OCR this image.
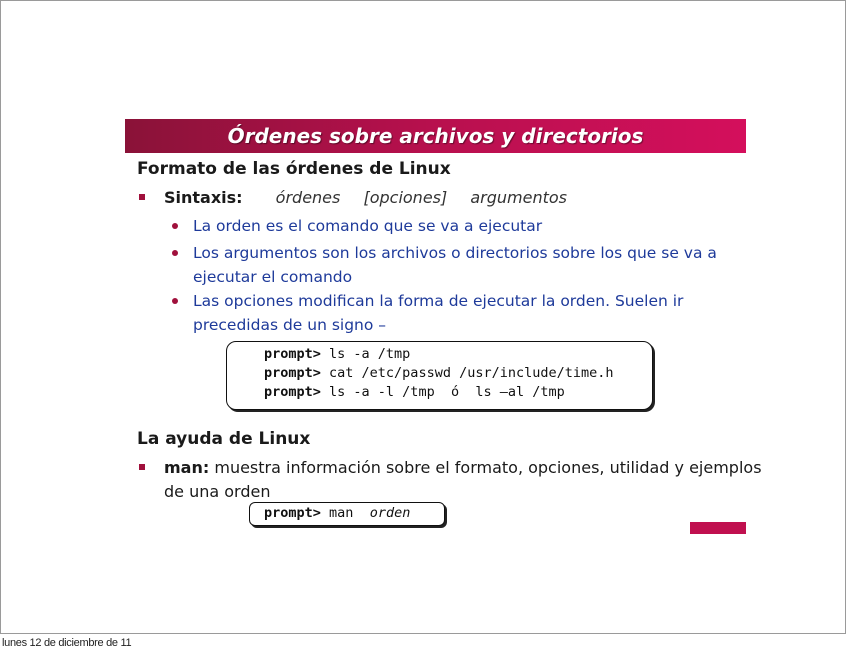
Órdenes sobre archivos y directorios
Formato de las órdenes de Linux
Sintaxis: órdenes [opciones] argumentos
La orden es el comando que se va a ejecutar
Los argumentos son los archivos o directorios sobre los que se va a
ejecutar el comando
Las opciones modifican la forma de ejecutar la orden. Suelen ir
precedidas de un signo –
prompt> ls -a /tmp
prompt> cat /etc/passwd /usr/include/time.h
prompt> ls -a -l /tmp  ó  ls —al /tmp
La ayuda de Linux
man: muestra información sobre el formato, opciones, utilidad y ejemplos
de una orden
prompt> man  orden
lunes 12 de diciembre de 11
